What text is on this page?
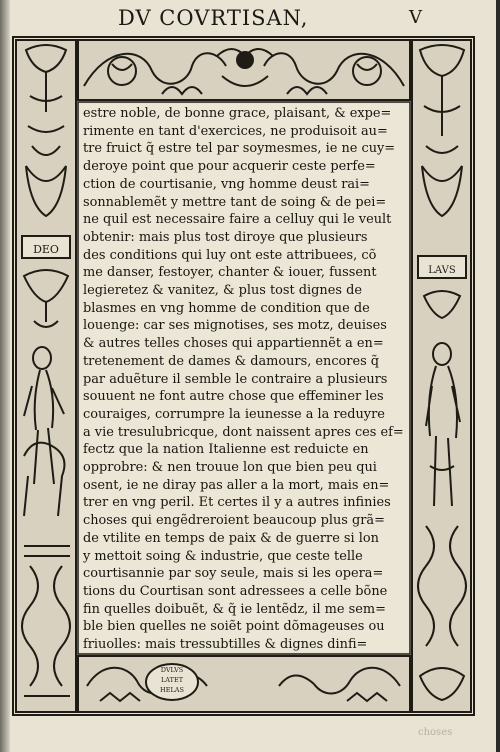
DV COVRTISAN,	V
DVLVS
LATET
HELAS
DEO
LAVS
estre noble, de bonne grace, plaisant, & expe=
rimente en tant d'exercices, ne produisoit au=
tre fruict q̃ estre tel par soymesmes, ie ne cuy=
deroye point que pour acquerir ceste perfe=
ction de courtisanie, vng homme deust rai=
sonnablemẽt y mettre tant de soing & de pei=
ne quil est necessaire faire a celluy qui le veult
obtenir: mais plus tost diroye que plusieurs
des conditions qui luy ont este attribuees, cõ
me danser, festoyer, chanter & iouer, fussent
legieretez & vanitez, & plus tost dignes de
blasmes en vng homme de condition que de
louenge: car ses mignotises, ses motz, deuises
& autres telles choses qui appartiennẽt a en=
tretenement de dames & damours, encores q̃
par aduẽture il semble le contraire a plusieurs
souuent ne font autre chose que effeminer les
couraiges, corrumpre la ieunesse a la reduyre
a vie tresulubricque, dont naissent apres ces ef=
fectz que la nation Italienne est reduicte en
opprobre: & nen trouue lon que bien peu qui
osent, ie ne diray pas aller a la mort, mais en=
trer en vng peril. Et certes il y a autres infinies
choses qui engẽdreroient beaucoup plus grã=
de vtilite en temps de paix & de guerre si lon
y mettoit soing & industrie, que ceste telle
courtisannie par soy seule, mais si les opera=
tions du Courtisan sont adressees a celle bõne
fin quelles doibuẽt, & q̃ ie lentẽdz, il me sem=
ble bien quelles ne soiẽt point dõmageuses ou
friuolles: mais tressubtilles & dignes dinfi=
choses
